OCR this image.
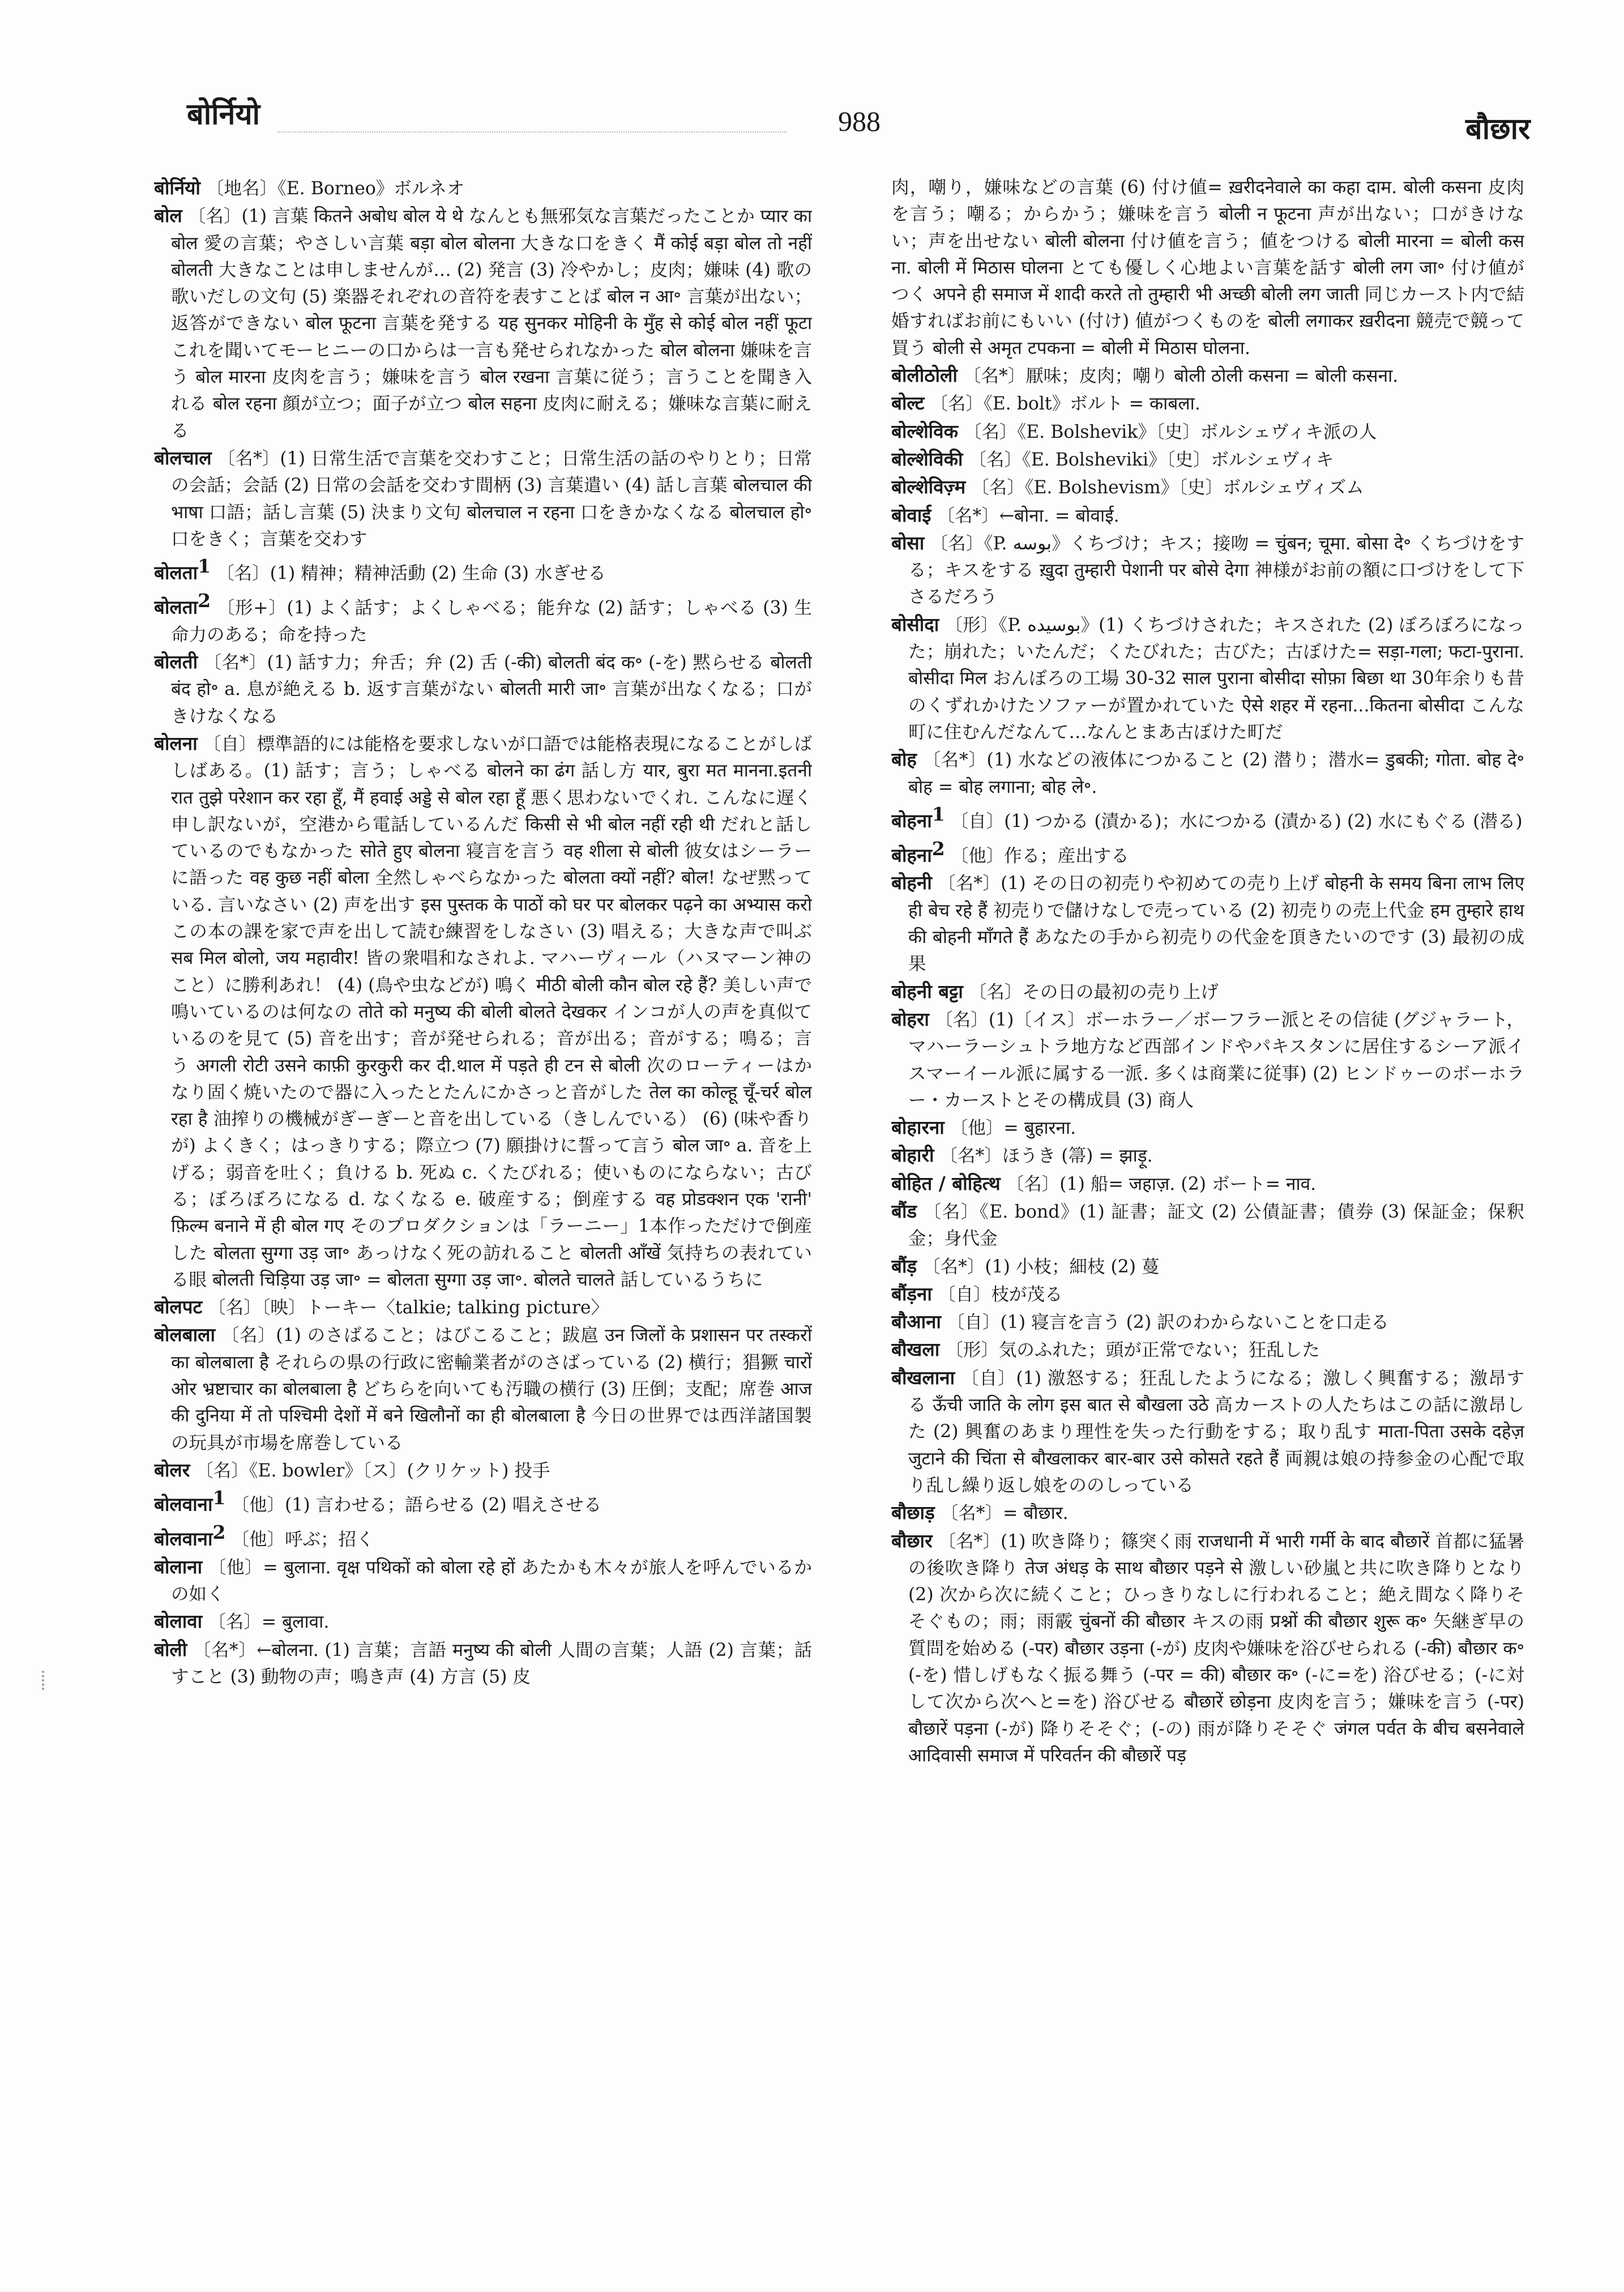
बोर्नियो	988	बौछार

बोर्नियो 〔地名〕《E. Borneo》ボルネオ

बोल 〔名〕(1) 言葉 कितने अबोध बोल ये थे なんとも無邪気な言葉だったことか प्यार का बोल 愛の言葉；やさしい言葉 बड़ा बोल बोलना 大きな口をきく मैं कोई बड़ा बोल तो नहीं बोलती 大きなことは申しませんが… (2) 発言 (3) 冷やかし；皮肉；嫌味 (4) 歌の歌いだしの文句 (5) 楽器それぞれの音符を表すことば बोल न आ॰ 言葉が出ない；返答ができない बोल फूटना 言葉を発する यह सुनकर मोहिनी के मुँह से कोई बोल नहीं फूटा これを聞いてモーヒニーの口からは一言も発せられなかった बोल बोलना 嫌味を言う बोल मारना 皮肉を言う；嫌味を言う बोल रखना 言葉に従う；言うことを聞き入れる बोल रहना 顔が立つ；面子が立つ बोल सहना 皮肉に耐える；嫌味な言葉に耐える

बोलचाल 〔名*〕(1) 日常生活で言葉を交わすこと；日常生活の話のやりとり；日常の会話；会話 (2) 日常の会話を交わす間柄 (3) 言葉遣い (4) 話し言葉 बोलचाल की भाषा 口語；話し言葉 (5) 決まり文句 बोलचाल न रहना 口をきかなくなる बोलचाल हो॰ 口をきく；言葉を交わす

बोलता$^1$ 〔名〕(1) 精神；精神活動 (2) 生命 (3) 水ぎせる

बोलता$^2$ 〔形+〕(1) よく話す；よくしゃべる；能弁な (2) 話す；しゃべる (3) 生命力のある；命を持った

बोलती 〔名*〕(1) 話す力；弁舌；弁 (2) 舌 (-की) बोलती बंद क॰ (-を) 黙らせる बोलती बंद हो॰ a. 息が絶える b. 返す言葉がない बोलती मारी जा॰ 言葉が出なくなる；口がきけなくなる

बोलना 〔自〕標準語的には能格を要求しないが口語では能格表現になることがしばしばある。(1) 話す；言う；しゃべる बोलने का ढंग 話し方 यार, बुरा मत मानना.इतनी रात तुझे परेशान कर रहा हूँ, मैं हवाई अड्डे से बोल रहा हूँ 悪く思わないでくれ. こんなに遅く申し訳ないが，空港から電話しているんだ किसी से भी बोल नहीं रही थी だれと話しているのでもなかった सोते हुए बोलना 寝言を言う वह शीला से बोली 彼女はシーラーに語った वह कुछ नहीं बोला 全然しゃべらなかった बोलता क्यों नहीं? बोल! なぜ黙っている. 言いなさい (2) 声を出す इस पुस्तक के पाठों को घर पर बोलकर पढ़ने का अभ्यास करो この本の課を家で声を出して読む練習をしなさい (3) 唱える；大きな声で叫ぶ सब मिल बोलो, जय महावीर! 皆の衆唱和なされよ. マハーヴィール（ハヌマーン神のこと）に勝利あれ！ (4) (鳥や虫などが) 鳴く मीठी बोली कौन बोल रहे हैं? 美しい声で鳴いているのは何なの तोते को मनुष्य की बोली बोलते देखकर インコが人の声を真似ているのを見て (5) 音を出す；音が発せられる；音が出る；音がする；鳴る；言う अगली रोटी उसने काफ़ी कुरकुरी कर दी.थाल में पड़ते ही टन से बोली 次のローティーはかなり固く焼いたので器に入ったとたんにかさっと音がした तेल का कोल्हू चूँ-चर्र बोल रहा है 油搾りの機械がぎーぎーと音を出している（きしんでいる） (6) (味や香りが) よくきく；はっきりする；際立つ (7) 願掛けに誓って言う बोल जा॰ a. 音を上げる；弱音を吐く；負ける b. 死ぬ c. くたびれる；使いものにならない；古びる；ぼろぼろになる d. なくなる e. 破産する；倒産する वह प्रोडक्शन एक 'रानी' फ़िल्म बनाने में ही बोल गए そのプロダクションは「ラーニー」1本作っただけで倒産した बोलता सुग्गा उड़ जा॰ あっけなく死の訪れること बोलती आँखें 気持ちの表れている眼 बोलती चिड़िया उड़ जा॰ = बोलता सुग्गा उड़ जा॰. बोलते चालते 話しているうちに

बोलपट 〔名〕〔映〕トーキー〈talkie; talking picture〉

बोलबाला 〔名〕(1) のさばること；はびこること；跋扈 उन जिलों के प्रशासन पर तस्करों का बोलबाला है それらの県の行政に密輸業者がのさばっている (2) 横行；猖獗 चारों ओर भ्रष्टाचार का बोलबाला है どちらを向いても汚職の横行 (3) 圧倒；支配；席巻 आज की दुनिया में तो पश्चिमी देशों में बने खिलौनों का ही बोलबाला है 今日の世界では西洋諸国製の玩具が市場を席巻している

बोलर 〔名〕《E. bowler》〔ス〕(クリケット) 投手

बोलवाना$^1$ 〔他〕(1) 言わせる；語らせる (2) 唱えさせる

बोलवाना$^2$ 〔他〕呼ぶ；招く

बोलाना 〔他〕= बुलाना. वृक्ष पथिकों को बोला रहे हों あたかも木々が旅人を呼んでいるかの如く

बोलावा 〔名〕= बुलावा.

बोली 〔名*〕←बोलना. (1) 言葉；言語 मनुष्य की बोली 人間の言葉；人語 (2) 言葉；話すこと (3) 動物の声；鳴き声 (4) 方言 (5) 皮

肉，嘲り，嫌味などの言葉 (6) 付け値= ख़रीदनेवाले का कहा दाम. बोली कसना 皮肉を言う；嘲る；からかう；嫌味を言う बोली न फूटना 声が出ない；口がきけない；声を出せない बोली बोलना 付け値を言う；値をつける बोली मारना = बोली कसना. बोली में मिठास घोलना とても優しく心地よい言葉を話す बोली लग जा॰ 付け値がつく अपने ही समाज में शादी करते तो तुम्हारी भी अच्छी बोली लग जाती 同じカースト内で結婚すればお前にもいい (付け) 値がつくものを बोली लगाकर ख़रीदना 競売で競って買う बोली से अमृत टपकना = बोली में मिठास घोलना.

बोलीठोली 〔名*〕厭味；皮肉；嘲り बोली ठोली कसना = बोली कसना.

बोल्ट 〔名〕《E. bolt》ボルト = काबला.

बोल्शेविक 〔名〕《E. Bolshevik》〔史〕ボルシェヴィキ派の人

बोल्शेविकी 〔名〕《E. Bolsheviki》〔史〕ボルシェヴィキ

बोल्शेविज़्म 〔名〕《E. Bolshevism》〔史〕ボルシェヴィズム

बोवाई 〔名*〕←बोना. = बोवाई.

बोसा 〔名〕《P. بوسه》くちづけ；キス；接吻 = चुंबन; चूमा. बोसा दे॰ くちづけをする；キスをする ख़ुदा तुम्हारी पेशानी पर बोसे देगा 神様がお前の額に口づけをして下さるだろう

बोसीदा 〔形〕《P. بوسیده》(1) くちづけされた；キスされた (2) ぼろぼろになった；崩れた；いたんだ；くたびれた；古びた；古ぼけた= सड़ा-गला; फटा-पुराना. बोसीदा मिल おんぼろの工場 30-32 साल पुराना बोसीदा सोफ़ा बिछा था 30年余りも昔のくずれかけたソファーが置かれていた ऐसे शहर में रहना...कितना बोसीदा こんな町に住むんだなんて…なんとまあ古ぼけた町だ

बोह 〔名*〕(1) 水などの液体につかること (2) 潜り；潜水= डुबकी; गोता. बोह दे॰ बोह = बोह लगाना; बोह ले॰.

बोहना$^1$ 〔自〕(1) つかる (漬かる)；水につかる (漬かる) (2) 水にもぐる (潜る)

बोहना$^2$ 〔他〕作る；産出する

बोहनी 〔名*〕(1) その日の初売りや初めての売り上げ बोहनी के समय बिना लाभ लिए ही बेच रहे हैं 初売りで儲けなしで売っている (2) 初売りの売上代金 हम तुम्हारे हाथ की बोहनी माँगते हैं あなたの手から初売りの代金を頂きたいのです (3) 最初の成果

बोहनी बट्टा 〔名〕その日の最初の売り上げ

बोहरा 〔名〕(1)〔イス〕ボーホラー／ボーフラー派とその信徒 (グジャラート，マハーラーシュトラ地方など西部インドやパキスタンに居住するシーア派イスマーイール派に属する一派. 多くは商業に従事) (2) ヒンドゥーのボーホラー・カーストとその構成員 (3) 商人

बोहारना 〔他〕= बुहारना.

बोहारी 〔名*〕ほうき (箒) = झाड़ू.

बोहित / बोहित्थ 〔名〕(1) 船= जहाज़. (2) ボート= नाव.

बौंड 〔名〕《E. bond》(1) 証書；証文 (2) 公債証書；債券 (3) 保証金；保釈金；身代金

बौंड़ 〔名*〕(1) 小枝；細枝 (2) 蔓

बौंड़ना 〔自〕枝が茂る

बौआना 〔自〕(1) 寝言を言う (2) 訳のわからないことを口走る

बौखला 〔形〕気のふれた；頭が正常でない；狂乱した

बौखलाना 〔自〕(1) 激怒する；狂乱したようになる；激しく興奮する；激昂する ऊँची जाति के लोग इस बात से बौखला उठे 高カーストの人たちはこの話に激昂した (2) 興奮のあまり理性を失った行動をする；取り乱す माता-पिता उसके दहेज़ जुटाने की चिंता से बौखलाकर बार-बार उसे कोसते रहते हैं 両親は娘の持参金の心配で取り乱し繰り返し娘をののしっている

बौछाड़ 〔名*〕= बौछार.

बौछार 〔名*〕(1) 吹き降り；篠突く雨 राजधानी में भारी गर्मी के बाद बौछारें 首都に猛暑の後吹き降り तेज अंधड़ के साथ बौछार पड़ने से 激しい砂嵐と共に吹き降りとなり (2) 次から次に続くこと；ひっきりなしに行われること；絶え間なく降りそそぐもの；雨；雨霰 चुंबनों की बौछार キスの雨 प्रश्नों की बौछार शुरू क॰ 矢継ぎ早の質問を始める (-पर) बौछार उड़ना (-が) 皮肉や嫌味を浴びせられる (-की) बौछार क॰ (-を) 惜しげもなく振る舞う (-पर = की) बौछार क॰ (-に=を) 浴びせる；(-に対して次から次へと=を) 浴びせる बौछारें छोड़ना 皮肉を言う；嫌味を言う (-पर) बौछारें पड़ना (-が) 降りそそぐ；(-の) 雨が降りそそぐ जंगल पर्वत के बीच बसनेवाले आदिवासी समाज में परिवर्तन की बौछारें पड़
